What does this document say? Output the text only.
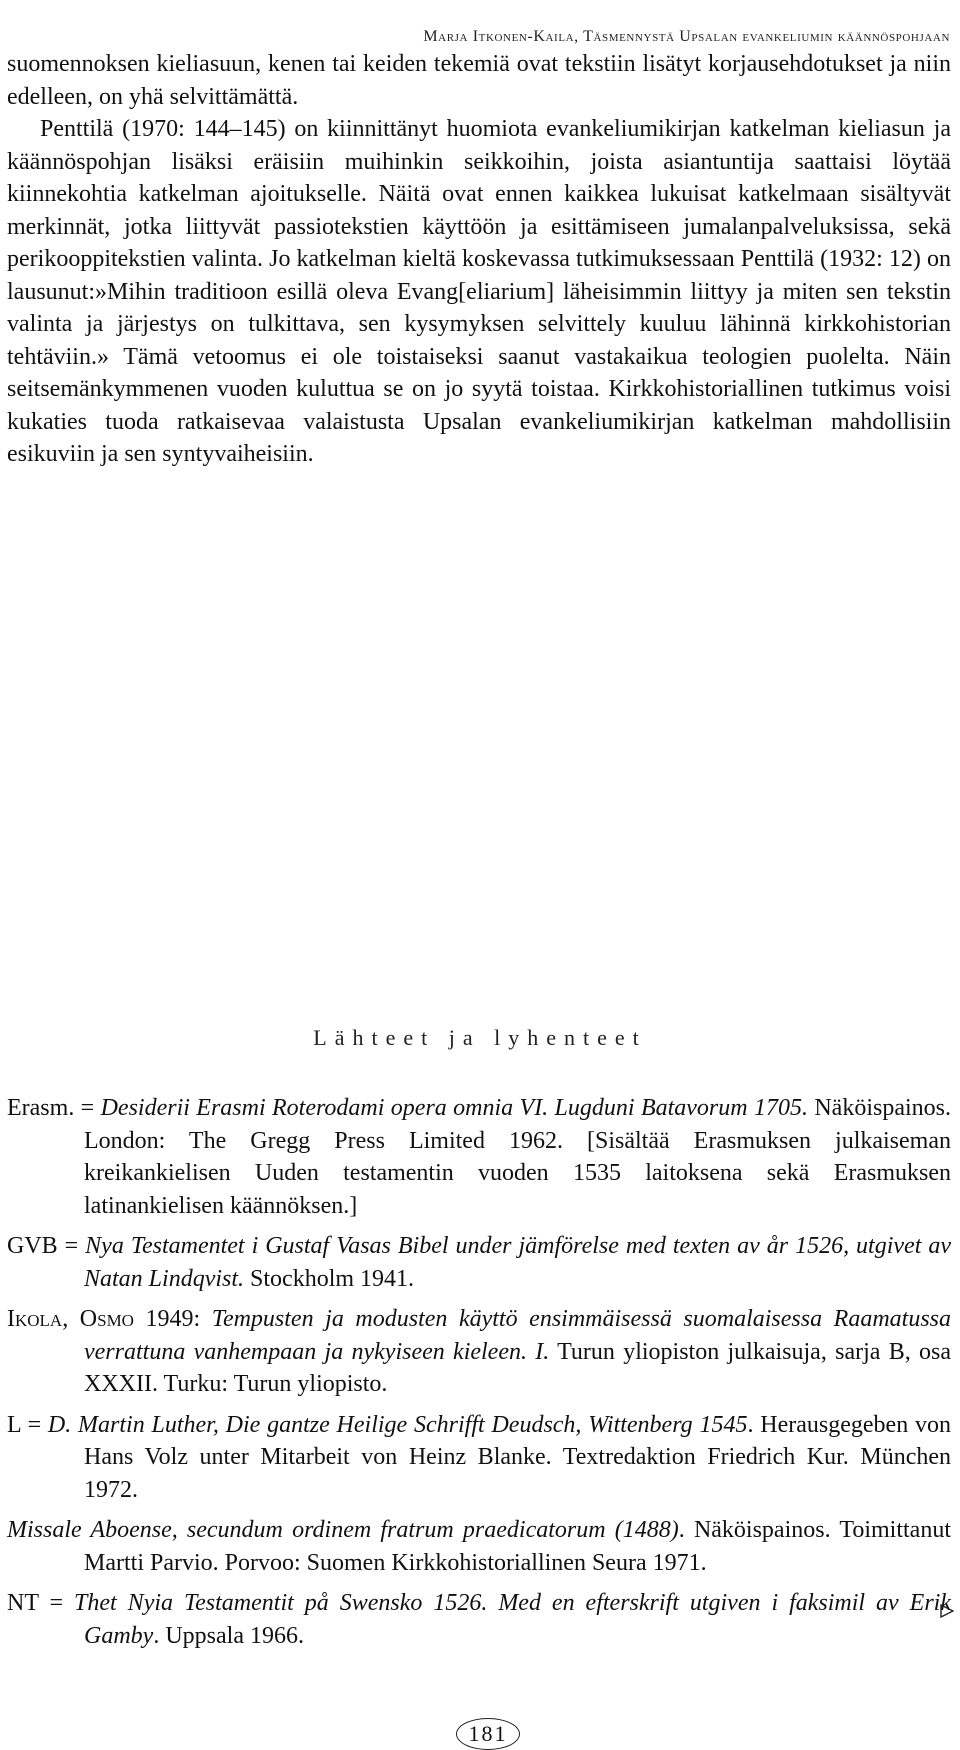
Marja Itkonen-Kaila, Täsmennystä Upsalan evankeliumin käännöspohjaan

suomennoksen kieliasuun, kenen tai keiden tekemiä ovat tekstiin lisätyt korjausehdotukset ja niin edelleen, on yhä selvittämättä.

Penttilä (1970: 144–145) on kiinnittänyt huomiota evankeliumikirjan katkelman kieliasun ja käännöspohjan lisäksi eräisiin muihinkin seikkoihin, joista asiantuntija saattaisi löytää kiinnekohtia katkelman ajoitukselle. Näitä ovat ennen kaikkea lukuisat katkelmaan sisältyvät merkinnät, jotka liittyvät passiotekstien käyttöön ja esittämiseen jumalanpalveluksissa, sekä perikooppitekstien valinta. Jo katkelman kieltä koskevassa tutkimuksessaan Penttilä (1932: 12) on lausunut:»Mihin traditioon esillä oleva Evang[eliarium] läheisimmin liittyy ja miten sen tekstin valinta ja järjestys on tulkittava, sen kysymyksen selvittely kuuluu lähinnä kirkkohistorian tehtäviin.» Tämä vetoomus ei ole toistaiseksi saanut vastakaikua teologien puolelta. Näin seitsemänkymmenen vuoden kuluttua se on jo syytä toistaa. Kirkkohistoriallinen tutkimus voisi kukaties tuoda ratkaisevaa valaistusta Upsalan evankeliumikirjan katkelman mahdollisiin esikuviin ja sen syntyvaiheisiin.

Lähteet ja lyhenteet

Erasm. = Desiderii Erasmi Roterodami opera omnia VI. Lugduni Batavorum 1705. Näköispainos. London: The Gregg Press Limited 1962. [Sisältää Erasmuksen julkaiseman kreikankielisen Uuden testamentin vuoden 1535 laitoksena sekä Erasmuksen latinankielisen käännöksen.]

GVB = Nya Testamentet i Gustaf Vasas Bibel under jämförelse med texten av år 1526, utgivet av Natan Lindqvist. Stockholm 1941.

Ikola, Osmo 1949: Tempusten ja modusten käyttö ensimmäisessä suomalaisessa Raamatussa verrattuna vanhempaan ja nykyiseen kieleen. I. Turun yliopiston julkaisuja, sarja B, osa XXXII. Turku: Turun yliopisto.

L = D. Martin Luther, Die gantze Heilige Schrifft Deudsch, Wittenberg 1545. Herausgegeben von Hans Volz unter Mitarbeit von Heinz Blanke. Textredaktion Friedrich Kur. München 1972.

Missale Aboense, secundum ordinem fratrum praedicatorum (1488). Näköispainos. Toimittanut Martti Parvio. Porvoo: Suomen Kirkkohistoriallinen Seura 1971.

NT = Thet Nyia Testamentit på Swensko 1526. Med en efterskrift utgiven i faksimil av Erik Gamby. Uppsala 1966.

181
